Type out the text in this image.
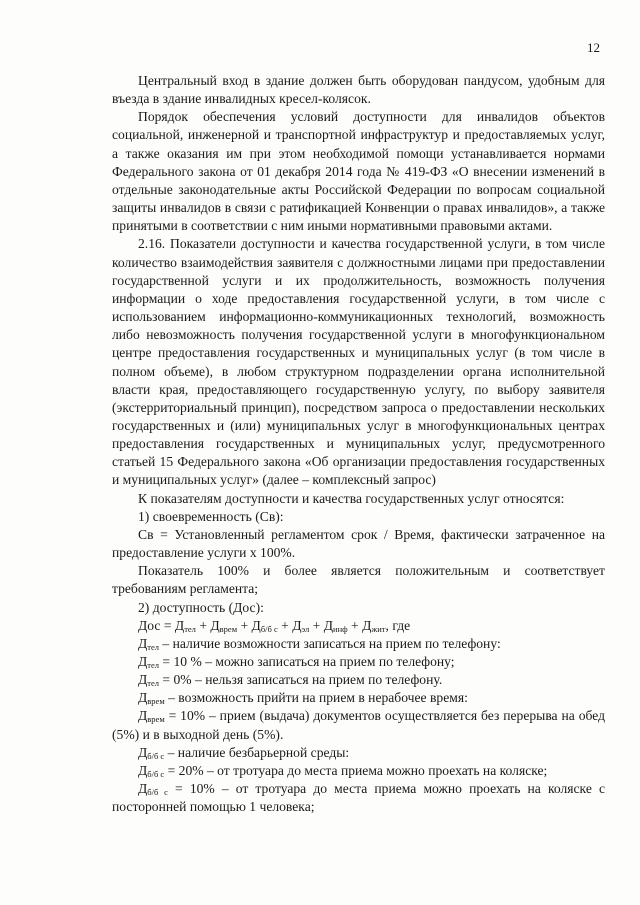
12

Центральный вход в здание должен быть оборудован пандусом, удобным для въезда в здание инвалидных кресел-колясок.

Порядок обеспечения условий доступности для инвалидов объектов социальной, инженерной и транспортной инфраструктур и предоставляемых услуг, а также оказания им при этом необходимой помощи устанавливается нормами Федерального закона от 01 декабря 2014 года № 419-ФЗ «О внесении изменений в отдельные законодательные акты Российской Федерации по вопросам социальной защиты инвалидов в связи с ратификацией Конвенции о правах инвалидов», а также принятыми в соответствии с ним иными нормативными правовыми актами.

2.16. Показатели доступности и качества государственной услуги, в том числе количество взаимодействия заявителя с должностными лицами при предоставлении государственной услуги и их продолжительность, возможность получения информации о ходе предоставления государственной услуги, в том числе с использованием информационно-коммуникационных технологий, возможность либо невозможность получения государственной услуги в многофункциональном центре предоставления государственных и муниципальных услуг (в том числе в полном объеме), в любом структурном подразделении органа исполнительной власти края, предоставляющего государственную услугу, по выбору заявителя (экстерриториальный принцип), посредством запроса о предоставлении нескольких государственных и (или) муниципальных услуг в многофункциональных центрах предоставления государственных и муниципальных услуг, предусмотренного статьей 15 Федерального закона «Об организации предоставления государственных и муниципальных услуг» (далее – комплексный запрос)

К показателям доступности и качества государственных услуг относятся:

1) своевременность (Св):

Св = Установленный регламентом срок / Время, фактически затраченное на предоставление услуги х 100%.

Показатель 100% и более является положительным и соответствует требованиям регламента;

2) доступность (Дос):

Дос = $Д_{тел} + Д_{врем} + Д_{б/б с} + Д_{эл} + Д_{инф} + Д_{жит}$, где

$Д_{тел}$ – наличие возможности записаться на прием по телефону:

$Д_{тел} = 10$ % – можно записаться на прием по телефону;

$Д_{тел} = 0\%$ – нельзя записаться на прием по телефону.

$Д_{врем}$ – возможность прийти на прием в нерабочее время:

$Д_{врем} = 10\%$ – прием (выдача) документов осуществляется без перерыва на обед (5%) и в выходной день (5%).

$Д_{б/б с}$ – наличие безбарьерной среды:

$Д_{б/б с} = 20\%$ – от тротуара до места приема можно проехать на коляске;

$Д_{б/б с} = 10\%$ – от тротуара до места приема можно проехать на коляске с посторонней помощью 1 человека;
